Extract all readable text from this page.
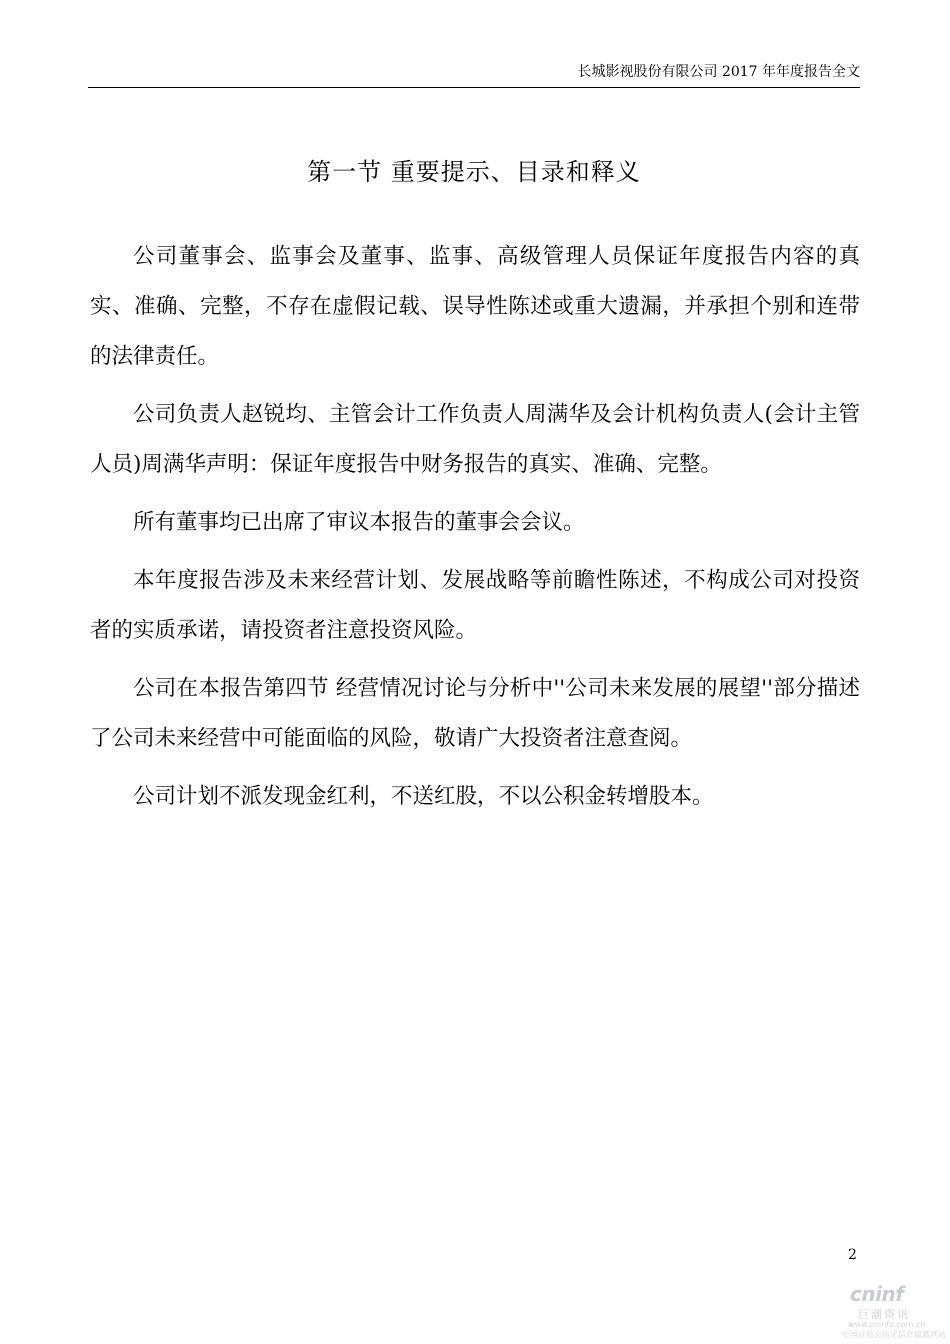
长城影视股份有限公司 2017 年年度报告全文
第一节 重要提示、目录和释义

公司董事会、监事会及董事、监事、高级管理人员保证年度报告内容的真实、准确、完整，不存在虚假记载、误导性陈述或重大遗漏，并承担个别和连带的法律责任。

公司负责人赵锐均、主管会计工作负责人周满华及会计机构负责人(会计主管人员)周满华声明：保证年度报告中财务报告的真实、准确、完整。

所有董事均已出席了审议本报告的董事会会议。

本年度报告涉及未来经营计划、发展战略等前瞻性陈述，不构成公司对投资者的实质承诺，请投资者注意投资风险。

公司在本报告第四节 经营情况讨论与分析中''公司未来发展的展望''部分描述了公司未来经营中可能面临的风险，敬请广大投资者注意查阅。

公司计划不派发现金红利，不送红股，不以公积金转增股本。

2
cninf
巨潮资讯
www.cninfo.com.cn
中国证监会指定信息披露网站
